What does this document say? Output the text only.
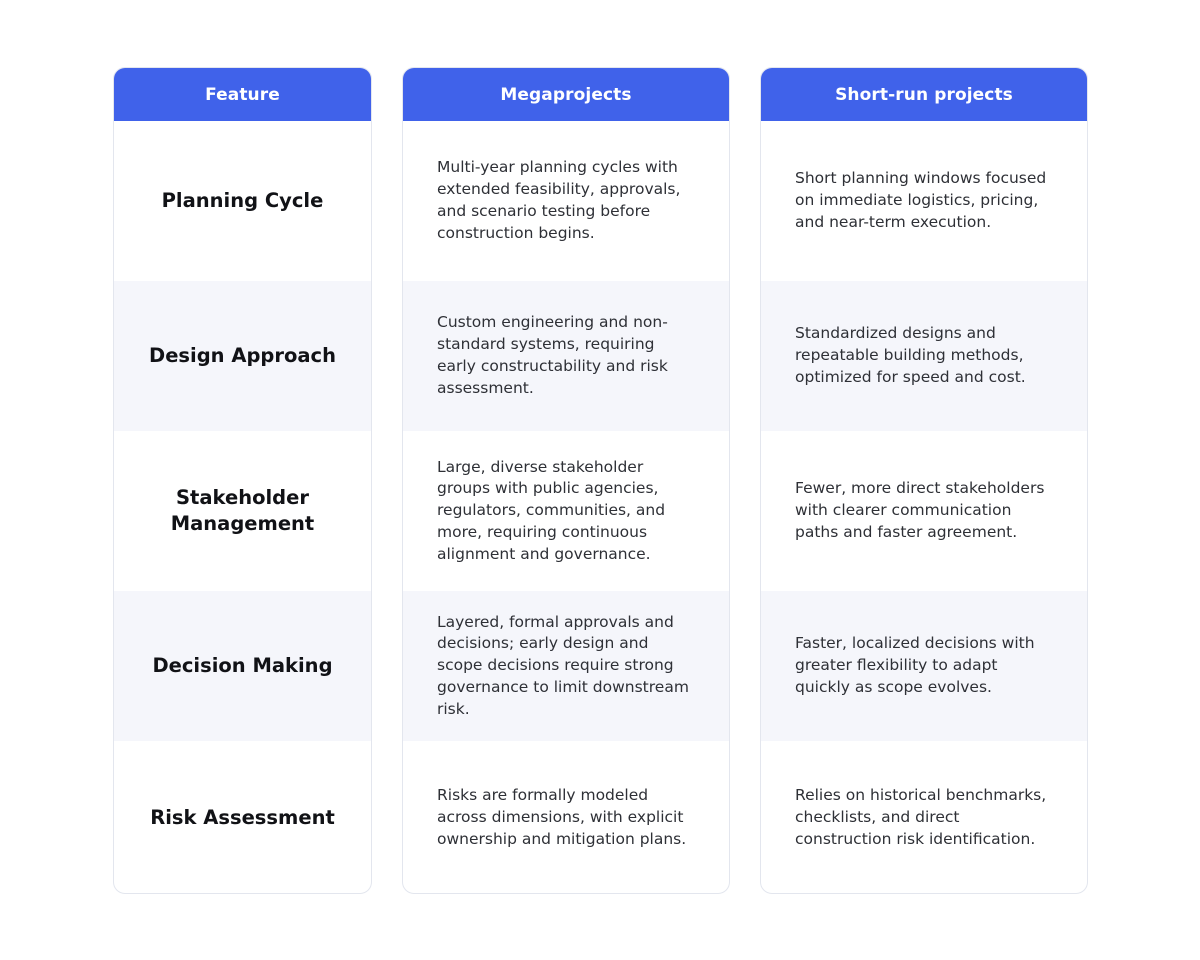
Feature
Planning Cycle
Design Approach
Stakeholder Management
Decision Making
Risk Assessment
Megaprojects
Multi-year planning cycles with extended feasibility, approvals, and scenario testing before construction begins.
Custom engineering and non-standard systems, requiring early constructability and risk assessment.
Large, diverse stakeholder groups with public agencies, regulators, communities, and more, requiring continuous alignment and governance.
Layered, formal approvals and decisions; early design and scope decisions require strong governance to limit downstream risk.
Risks are formally modeled across dimensions, with explicit ownership and mitigation plans.
Short-run projects
Short planning windows focused on immediate logistics, pricing, and near-term execution.
Standardized designs and repeatable building methods, optimized for speed and cost.
Fewer, more direct stakeholders with clearer communication paths and faster agreement.
Faster, localized decisions with greater flexibility to adapt quickly as scope evolves.
Relies on historical benchmarks, checklists, and direct construction risk identification.
